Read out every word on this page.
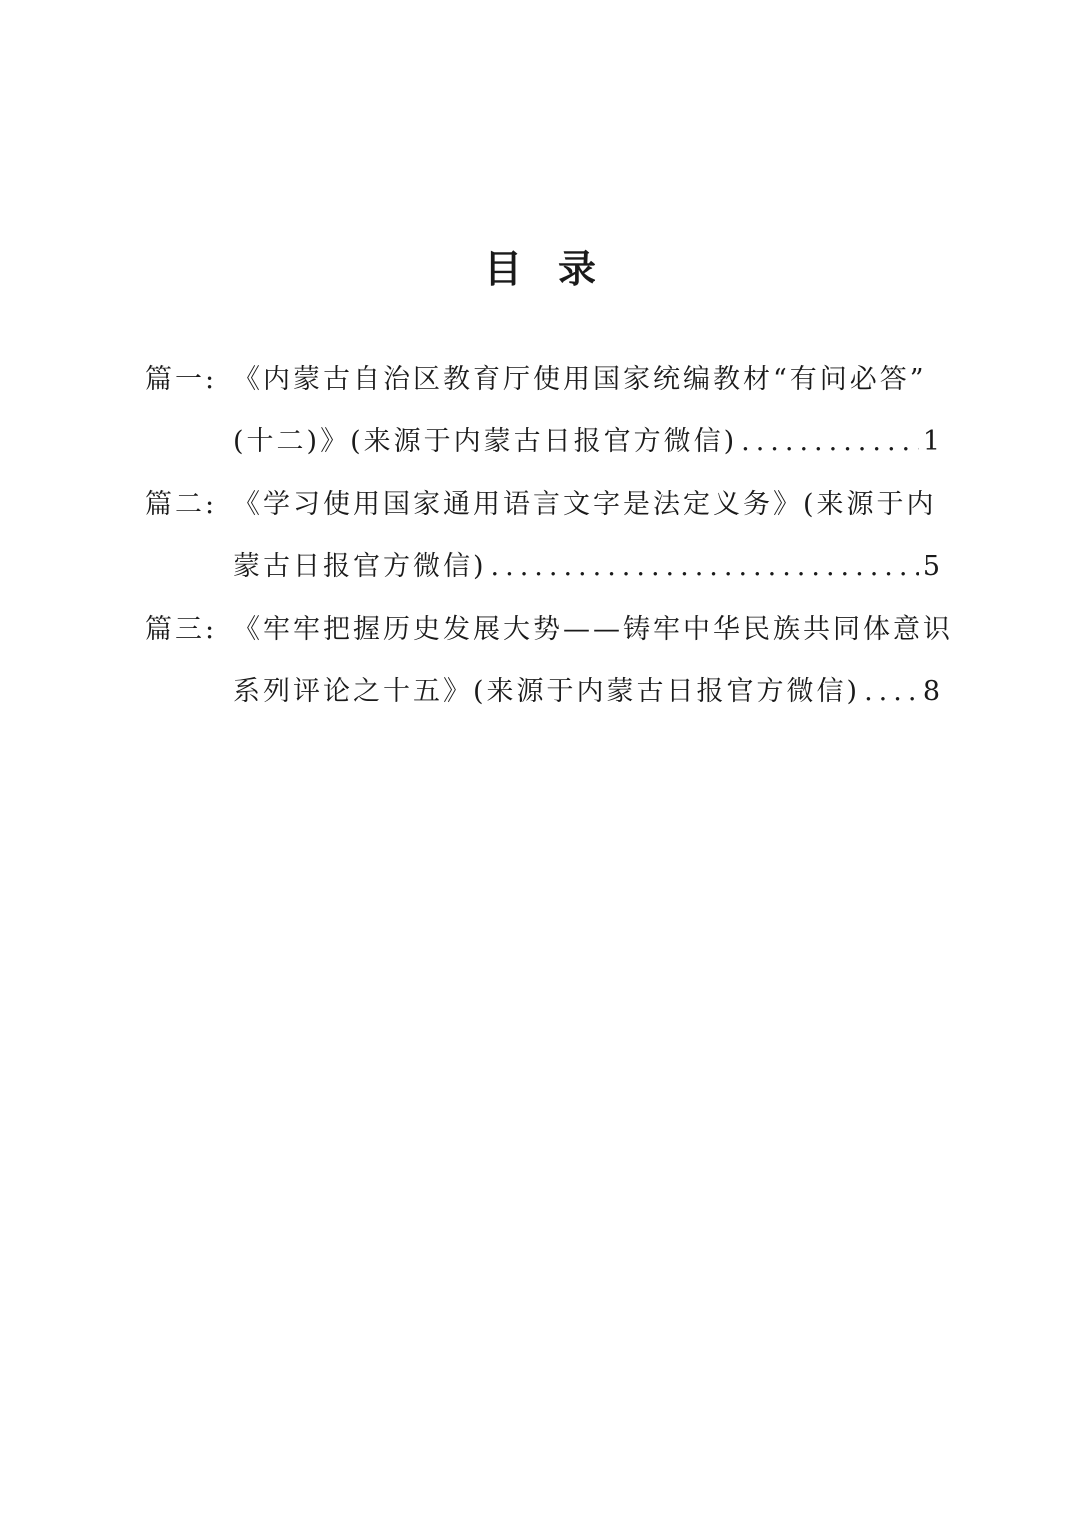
目录
篇一: 《内蒙古自治区教育厅使用国家统编教材“有问必答”
(十二)》(来源于内蒙古日报官方微信) .....	1
篇二: 《学习使用国家通用语言文字是法定义务》(来源于内
蒙古日报官方微信) .....	5
篇三: 《牢牢把握历史发展大势——铸牢中华民族共同体意识
系列评论之十五》(来源于内蒙古日报官方微信) ..... 8
